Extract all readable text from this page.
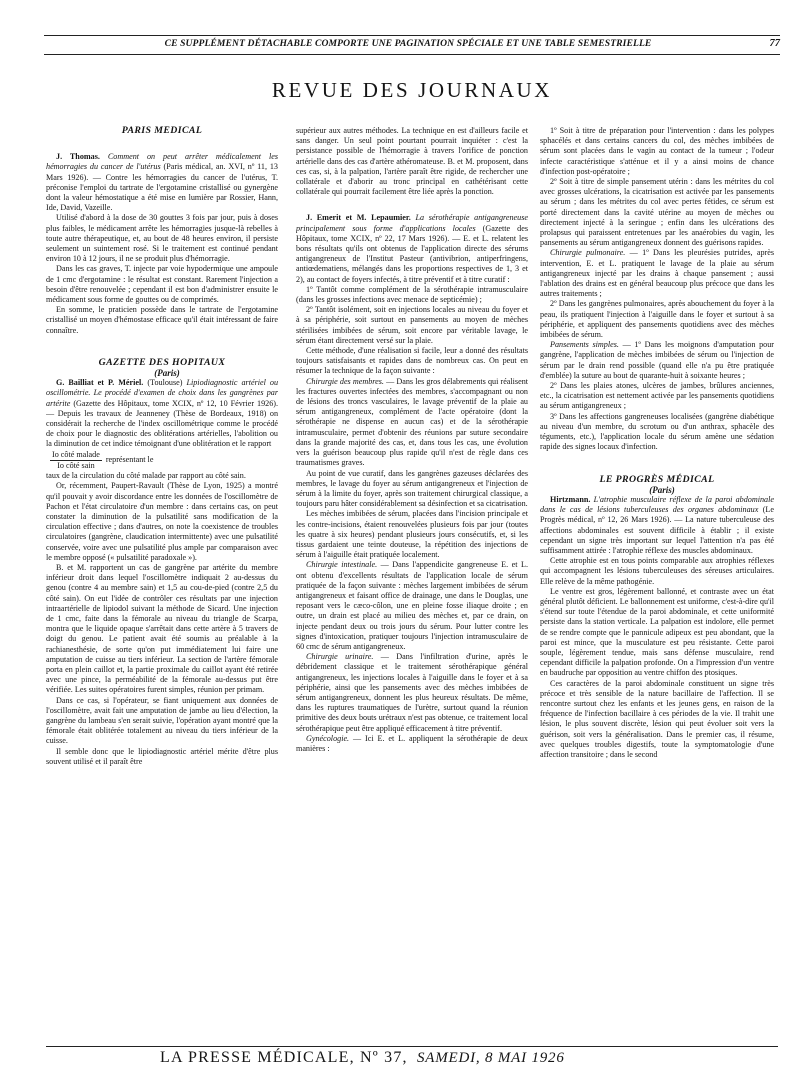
CE SUPPLÉMENT DÉTACHABLE COMPORTE UNE PAGINATION SPÉCIALE ET UNE TABLE SEMESTRIELLE	77
REVUE DES JOURNAUX

PARIS MÉDICAL

J. Thomas. Comment on peut arrêter médicalement les hémorragies du cancer de l'utérus (Paris médical, an. XVI, nº 11, 13 Mars 1926). — Contre les hémorragies du cancer de l'utérus, T. préconise l'emploi du tartrate de l'ergotamine cristallisé ou gynergène dont la valeur hémostatique a été mise en lumière par Rossier, Hann, Ide, David, Vazeille.

Utilisé d'abord à la dose de 30 gouttes 3 fois par jour, puis à doses plus faibles, le médicament arrête les hémorragies jusque-là rebelles à toute autre thérapeutique, et, au bout de 48 heures environ, il persiste seulement un suintement rosé. Si le traitement est continué pendant environ 10 à 12 jours, il ne se produit plus d'hémorragie.

Dans les cas graves, T. injecte par voie hypodermique une ampoule de 1 cmc d'ergotamine : le résultat est constant. Rarement l'injection a besoin d'être renouvelée ; cependant il est bon d'administrer ensuite le médicament sous forme de gouttes ou de comprimés.

En somme, le praticien possède dans le tartrate de l'ergotamine cristallisé un moyen d'hémostase efficace qu'il était intéressant de faire connaître.

GAZETTE DES HOPITAUX

(Paris)

G. Bailliat et P. Mériel. (Toulouse) Lipiodiagnostic artériel ou oscillométrie. Le procédé d'examen de choix dans les gangrènes par artérite (Gazette des Hôpitaux, tome XCIX, nº 12, 10 Février 1926). — Depuis les travaux de Jeanneney (Thèse de Bordeaux, 1918) on considérait la recherche de l'index oscillométrique comme le procédé de choix pour le diagnostic des oblitérations artérielles, l'abolition ou la diminution de cet indice témoignant d'une oblitération et le rapport

$\frac{\text{Io côté malade}}{\text{Io côté sain}}$ représentant le

taux de la circulation du côté malade par rapport au côté sain.

Or, récemment, Paupert-Ravault (Thèse de Lyon, 1925) a montré qu'il pouvait y avoir discordance entre les données de l'oscillomètre de Pachon et l'état circulatoire d'un membre : dans certains cas, on peut constater la diminution de la pulsatilité sans modification de la circulation effective ; dans d'autres, on note la coexistence de troubles circulatoires (gangrène, claudication intermittente) avec une pulsatilité conservée, voire avec une pulsatilité plus ample par comparaison avec le membre opposé (« pulsatilité paradoxale »).

B. et M. rapportent un cas de gangrène par artérite du membre inférieur droit dans lequel l'oscillomètre indiquait 2 au-dessus du genou (contre 4 au membre sain) et 1,5 au cou-de-pied (contre 2,5 du côté sain). On eut l'idée de contrôler ces résultats par une injection intraartérielle de lipiodol suivant la méthode de Sicard. Une injection de 1 cmc, faite dans la fémorale au niveau du triangle de Scarpa, montra que le liquide opaque s'arrêtait dans cette artère à 5 travers de doigt du genou. Le patient avait été soumis au préalable à la rachianesthésie, de sorte qu'on put immédiatement lui faire une amputation de cuisse au tiers inférieur. La section de l'artère fémorale porta en plein caillot et, la partie proximale du caillot ayant été retirée avec une pince, la perméabilité de la fémorale au-dessus put être vérifiée. Les suites opératoires furent simples, réunion per primam.

Dans ce cas, si l'opérateur, se fiant uniquement aux données de l'oscillomètre, avait fait une amputation de jambe au lieu d'élection, la gangrène du lambeau s'en serait suivie, l'opération ayant montré que la fémorale était oblitérée totalement au niveau du tiers inférieur de la cuisse.

Il semble donc que le lipiodiagnostic artériel mérite d'être plus souvent utilisé et il paraît être

supérieur aux autres méthodes. La technique en est d'ailleurs facile et sans danger. Un seul point pourtant pourrait inquiéter : c'est la persistance possible de l'hémorragie à travers l'orifice de ponction artérielle dans des cas d'artère athéromateuse. B. et M. proposent, dans ces cas, si, à la palpation, l'artère paraît être rigide, de rechercher une collatérale et d'aborir au tronc principal en cathétérisant cette collatérale qui pourrait facilement être liée après la ponction.

J. Emerit et M. Lepaumier. La sérothérapie antigangreneuse principalement sous forme d'applications locales (Gazette des Hôpitaux, tome XCIX, nº 22, 17 Mars 1926). — E. et L. relatent les bons résultats qu'ils ont obtenus de l'application directe des sérums antigangreneux de l'Institut Pasteur (antivibrion, antiperfringens, antiœdematiens, mélangés dans les proportions respectives de 1, 3 et 2), au contact de foyers infectés, à titre préventif et à titre curatif :

1º Tantôt comme complément de la sérothérapie intramusculaire (dans les grosses infections avec menace de septicémie) ;

2º Tantôt isolément, soit en injections locales au niveau du foyer et à sa périphérie, soit surtout en pansements au moyen de mèches stérilisées imbibées de sérum, soit encore par véritable lavage, le sérum étant directement versé sur la plaie.

Cette méthode, d'une réalisation si facile, leur a donné des résultats toujours satisfaisants et rapides dans de nombreux cas. On peut en résumer la technique de la façon suivante :

Chirurgie des membres. — Dans les gros délabrements qui réalisent les fractures ouvertes infectées des membres, s'accompagnant ou non de lésions des troncs vasculaires, le lavage préventif de la plaie au sérum antigangreneux, complément de l'acte opératoire (dont la sérothérapie ne dispense en aucun cas) et de la sérothérapie intramusculaire, permet d'obtenir des réunions par suture secondaire dans la grande majorité des cas, et, dans tous les cas, une évolution vers la guérison beaucoup plus rapide qu'il n'est de règle dans ces traumatismes graves.

Au point de vue curatif, dans les gangrènes gazeuses déclarées des membres, le lavage du foyer au sérum antigangreneux et l'injection de sérum à la limite du foyer, après son traitement chirurgical classique, a toujours paru hâter considérablement sa désinfection et sa cicatrisation.

Les mèches imbibées de sérum, placées dans l'incision principale et les contre-incisions, étaient renouvelées plusieurs fois par jour (toutes les quatre à six heures) pendant plusieurs jours consécutifs, et, si les tissus gardaient une teinte douteuse, la répétition des injections de sérum à l'aiguille était pratiquée localement.

Chirurgie intestinale. — Dans l'appendicite gangreneuse E. et L. ont obtenu d'excellents résultats de l'application locale de sérum pratiquée de la façon suivante : mèches largement imbibées de sérum antigangreneux et faisant office de drainage, une dans le Douglas, une reposant vers le cæco-côlon, une en pleine fosse iliaque droite ; en outre, un drain est placé au milieu des mèches et, par ce drain, on injecte pendant deux ou trois jours du sérum. Pour lutter contre les signes d'intoxication, pratiquer toujours l'injection intramusculaire de 60 cmc de sérum antigangreneux.

Chirurgie urinaire. — Dans l'infiltration d'urine, après le débridement classique et le traitement sérothérapique général antigangreneux, les injections locales à l'aiguille dans le foyer et à sa périphérie, ainsi que les pansements avec des mèches imbibées de sérum antigangreneux, donnent les plus heureux résultats. De même, dans les ruptures traumatiques de l'urètre, surtout quand la réunion primitive des deux bouts urétraux n'est pas obtenue, ce traitement local sérothérapique peut être appliqué efficacement à titre préventif.

Gynécologie. — Ici E. et L. appliquent la sérothérapie de deux manières :

1º Soit à titre de préparation pour l'intervention : dans les polypes sphacélés et dans certains cancers du col, des mèches imbibées de sérum sont placées dans le vagin au contact de la tumeur ; l'odeur infecte caractéristique s'atténue et il y a ainsi moins de chance d'infection post-opératoire ;

2º Soit à titre de simple pansement utérin : dans les métrites du col avec grosses ulcérations, la cicatrisation est activée par les pansements au sérum ; dans les métrites du col avec pertes fétides, ce sérum est porté directement dans la cavité utérine au moyen de mèches ou directement injecté à la seringue ; enfin dans les ulcérations des prolapsus qui paraissent entretenues par les anaérobies du vagin, les pansements au sérum antigangreneux donnent des guérisons rapides.

Chirurgie pulmonaire. — 1º Dans les pleurésies putrides, après intervention, E. et L. pratiquent le lavage de la plaie au sérum antigangreneux injecté par les drains à chaque pansement ; aussi l'ablation des drains est en général beaucoup plus précoce que dans les autres traitements ;

2º Dans les gangrènes pulmonaires, après abouchement du foyer à la peau, ils pratiquent l'injection à l'aiguille dans le foyer et surtout à sa périphérie, et appliquent des pansements quotidiens avec des mèches imbibées de sérum.

Pansements simples. — 1º Dans les moignons d'amputation pour gangrène, l'application de mèches imbibées de sérum ou l'injection de sérum par le drain rend possible (quand elle n'a pu être pratiquée d'emblée) la suture au bout de quarante-huit à soixante heures ;

2º Dans les plaies atones, ulcères de jambes, brûlures anciennes, etc., la cicatrisation est nettement activée par les pansements quotidiens au sérum antigangreneux ;

3º Dans les affections gangreneuses localisées (gangrène diabétique au niveau d'un membre, du scrotum ou d'un anthrax, sphacèle des téguments, etc.), l'application locale du sérum amène une sédation rapide des signes locaux d'infection.

LE PROGRÈS MÉDICAL

(Paris)

Hirtzmann. L'atrophie musculaire réflexe de la paroi abdominale dans le cas de lésions tuberculeuses des organes abdominaux (Le Progrès médical, nº 12, 26 Mars 1926). — La nature tuberculeuse des affections abdominales est souvent difficile à établir ; il existe cependant un signe très important sur lequel l'attention n'a pas été suffisamment attirée : l'atrophie réflexe des muscles abdominaux.

Cette atrophie est en tous points comparable aux atrophies réflexes qui accompagnent les lésions tuberculeuses des séreuses articulaires. Elle relève de la même pathogénie.

Le ventre est gros, légèrement ballonné, et contraste avec un état général plutôt déficient. Le ballonnement est uniforme, c'est-à-dire qu'il s'étend sur toute l'étendue de la paroi abdominale, et cette uniformité persiste dans la station verticale. La palpation est indolore, elle permet de se rendre compte que le pannicule adipeux est peu abondant, que la paroi est mince, que la musculature est peu résistante. Cette paroi souple, légèrement tendue, mais sans défense musculaire, rend cependant difficile la palpation profonde. On a l'impression d'un ventre en baudruche par opposition au ventre chiffon des ptosiques.

Ces caractères de la paroi abdominale constituent un signe très précoce et très sensible de la nature bacillaire de l'affection. Il se rencontre surtout chez les enfants et les jeunes gens, en raison de la fréquence de l'infection bacillaire à ces périodes de la vie. Il trahit une lésion, le plus souvent discrète, lésion qui peut évoluer soit vers la guérison, soit vers la généralisation. Dans le premier cas, il résume, avec quelques troubles digestifs, toute la symptomatologie d'une affection transitoire ; dans le second

LA PRESSE MÉDICALE, Nº 37, SAMEDI, 8 MAI 1926
